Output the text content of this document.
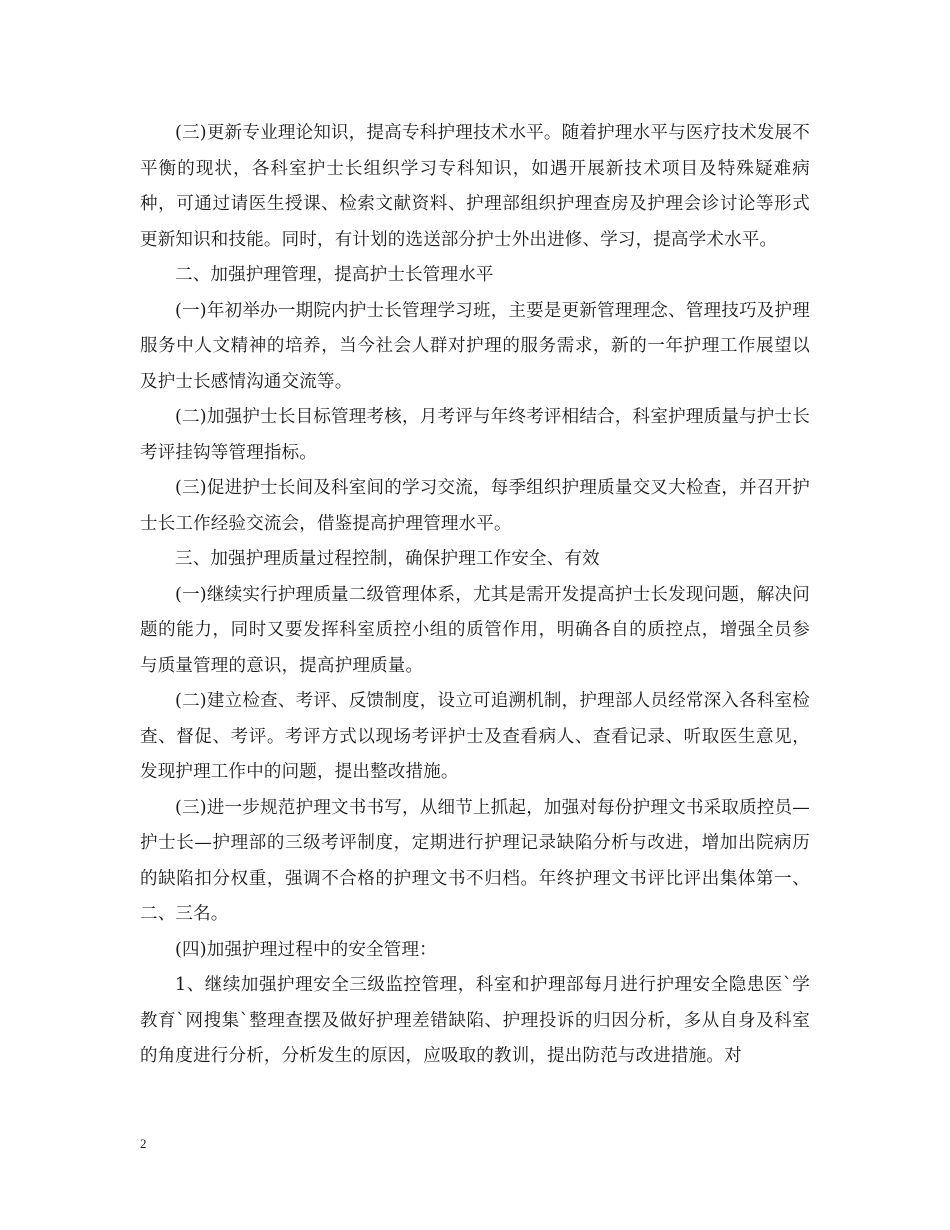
(三)更新专业理论知识，提高专科护理技术水平。随着护理水平与医疗技术发展不平衡的现状，各科室护士长组织学习专科知识，如遇开展新技术项目及特殊疑难病种，可通过请医生授课、检索文献资料、护理部组织护理查房及护理会诊讨论等形式更新知识和技能。同时，有计划的选送部分护士外出进修、学习，提高学术水平。

二、加强护理管理，提高护士长管理水平

(一)年初举办一期院内护士长管理学习班，主要是更新管理理念、管理技巧及护理服务中人文精神的培养，当今社会人群对护理的服务需求，新的一年护理工作展望以及护士长感情沟通交流等。

(二)加强护士长目标管理考核，月考评与年终考评相结合，科室护理质量与护士长考评挂钩等管理指标。

(三)促进护士长间及科室间的学习交流，每季组织护理质量交叉大检查，并召开护士长工作经验交流会，借鉴提高护理管理水平。

三、加强护理质量过程控制，确保护理工作安全、有效

(一)继续实行护理质量二级管理体系，尤其是需开发提高护士长发现问题，解决问题的能力，同时又要发挥科室质控小组的质管作用，明确各自的质控点，增强全员参与质量管理的意识，提高护理质量。

(二)建立检查、考评、反馈制度，设立可追溯机制，护理部人员经常深入各科室检查、督促、考评。考评方式以现场考评护士及查看病人、查看记录、听取医生意见，发现护理工作中的问题，提出整改措施。

(三)进一步规范护理文书书写，从细节上抓起，加强对每份护理文书采取质控员—护士长—护理部的三级考评制度，定期进行护理记录缺陷分析与改进，增加出院病历的缺陷扣分权重，强调不合格的护理文书不归档。年终护理文书评比评出集体第一、二、三名。

(四)加强护理过程中的安全管理：

1、继续加强护理安全三级监控管理，科室和护理部每月进行护理安全隐患医`学教育`网搜集`整理查摆及做好护理差错缺陷、护理投诉的归因分析，多从自身及科室的角度进行分析，分析发生的原因，应吸取的教训，提出防范与改进措施。对

2
